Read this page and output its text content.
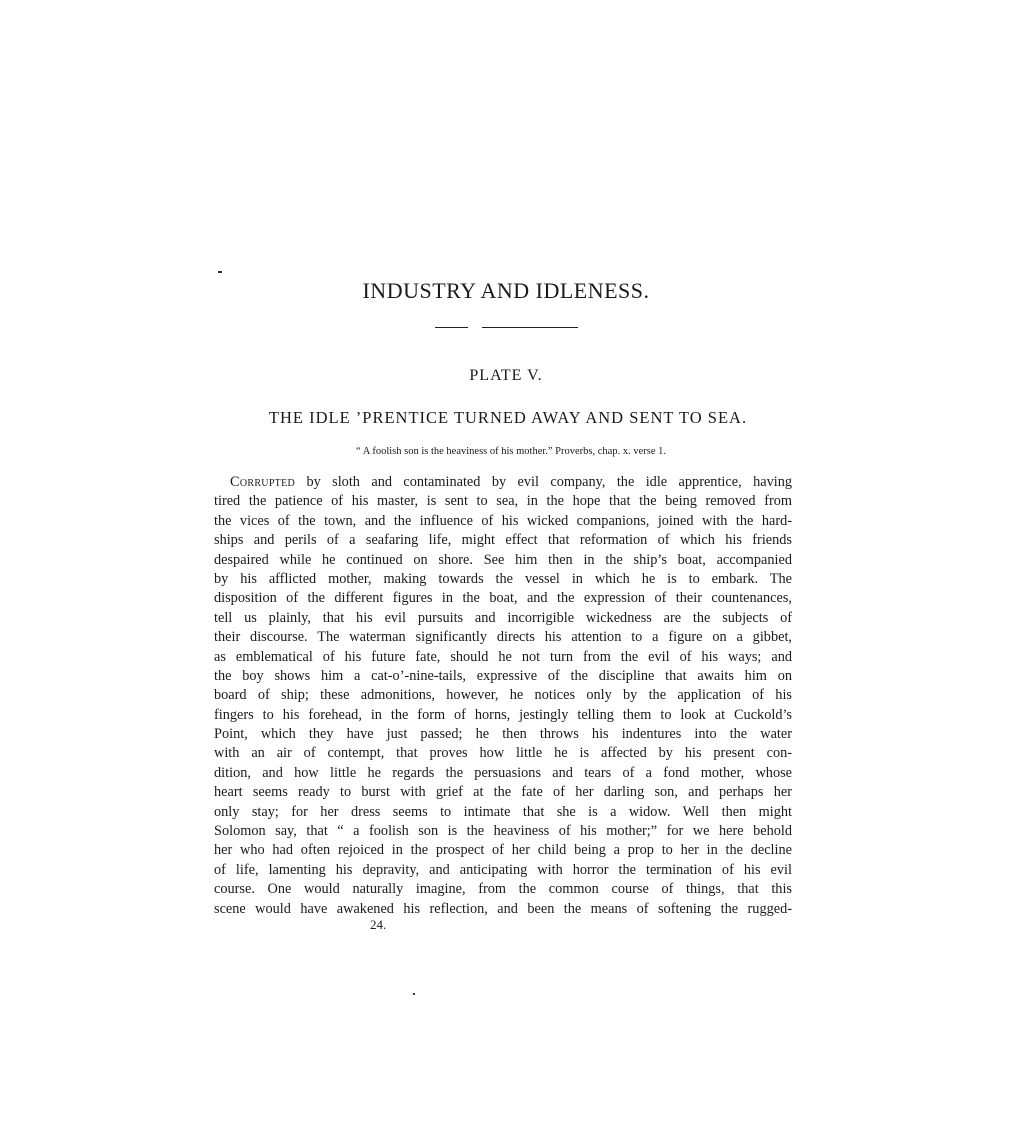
INDUSTRY AND IDLENESS.
PLATE V.
THE IDLE ’PRENTICE TURNED AWAY AND SENT TO SEA.

“ A foolish son is the heaviness of his mother.” Proverbs, chap. x. verse 1.

Corrupted by sloth and contaminated by evil company, the idle apprentice, having
tired the patience of his master, is sent to sea, in the hope that the being removed from
the vices of the town, and the influence of his wicked companions, joined with the hard-
ships and perils of a seafaring life, might effect that reformation of which his friends
despaired while he continued on shore. See him then in the ship’s boat, accompanied
by his afflicted mother, making towards the vessel in which he is to embark. The
disposition of the different figures in the boat, and the expression of their countenances,
tell us plainly, that his evil pursuits and incorrigible wickedness are the subjects of
their discourse. The waterman significantly directs his attention to a figure on a gibbet,
as emblematical of his future fate, should he not turn from the evil of his ways; and
the boy shows him a cat-o’-nine-tails, expressive of the discipline that awaits him on
board of ship; these admonitions, however, he notices only by the application of his
fingers to his forehead, in the form of horns, jestingly telling them to look at Cuckold’s
Point, which they have just passed; he then throws his indentures into the water
with an air of contempt, that proves how little he is affected by his present con-
dition, and how little he regards the persuasions and tears of a fond mother, whose
heart seems ready to burst with grief at the fate of her darling son, and perhaps her
only stay; for her dress seems to intimate that she is a widow. Well then might
Solomon say, that “ a foolish son is the heaviness of his mother;” for we here behold
her who had often rejoiced in the prospect of her child being a prop to her in the decline
of life, lamenting his depravity, and anticipating with horror the termination of his evil
course. One would naturally imagine, from the common course of things, that this
scene would have awakened his reflection, and been the means of softening the rugged-
24.
